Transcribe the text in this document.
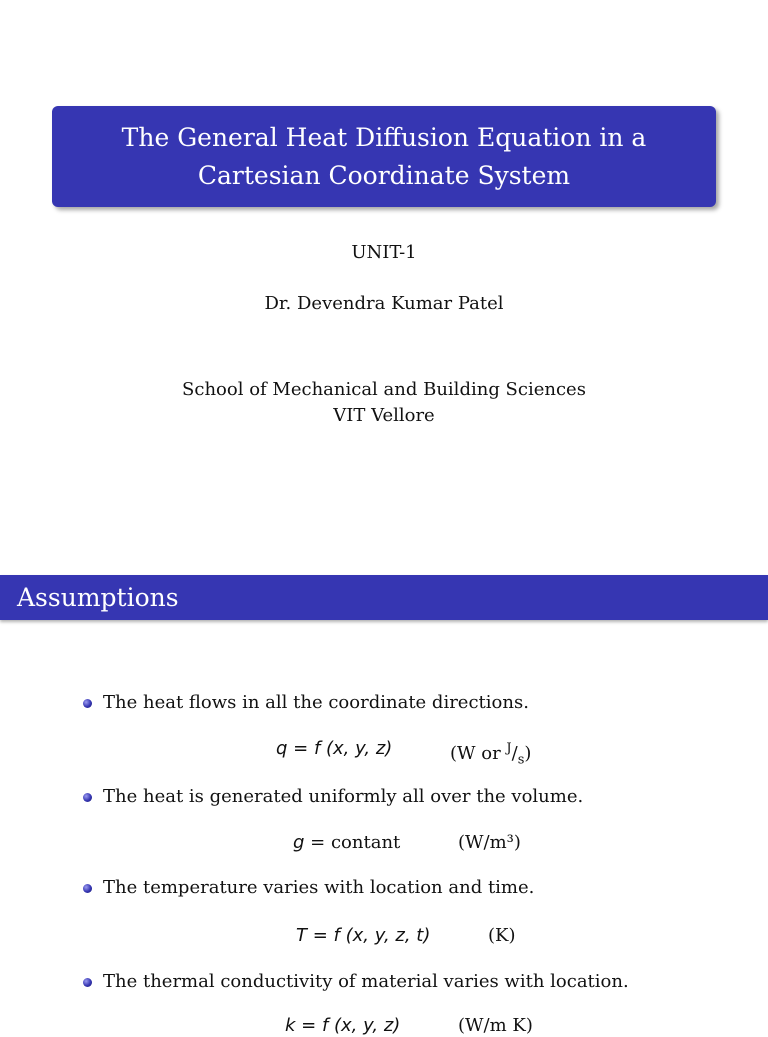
The General Heat Diffusion Equation in a
Cartesian Coordinate System
UNIT-1
Dr. Devendra Kumar Patel
School of Mechanical and Building Sciences
VIT Vellore
Assumptions
The heat flows in all the coordinate directions.
q = f (x, y, z)	(W or $^J/_s$)
The heat is generated uniformly all over the volume.
g = contant	(W/m³)
The temperature varies with location and time.
T = f (x, y, z, t)	(K)
The thermal conductivity of material varies with location.
k = f (x, y, z)	(W/m K)
